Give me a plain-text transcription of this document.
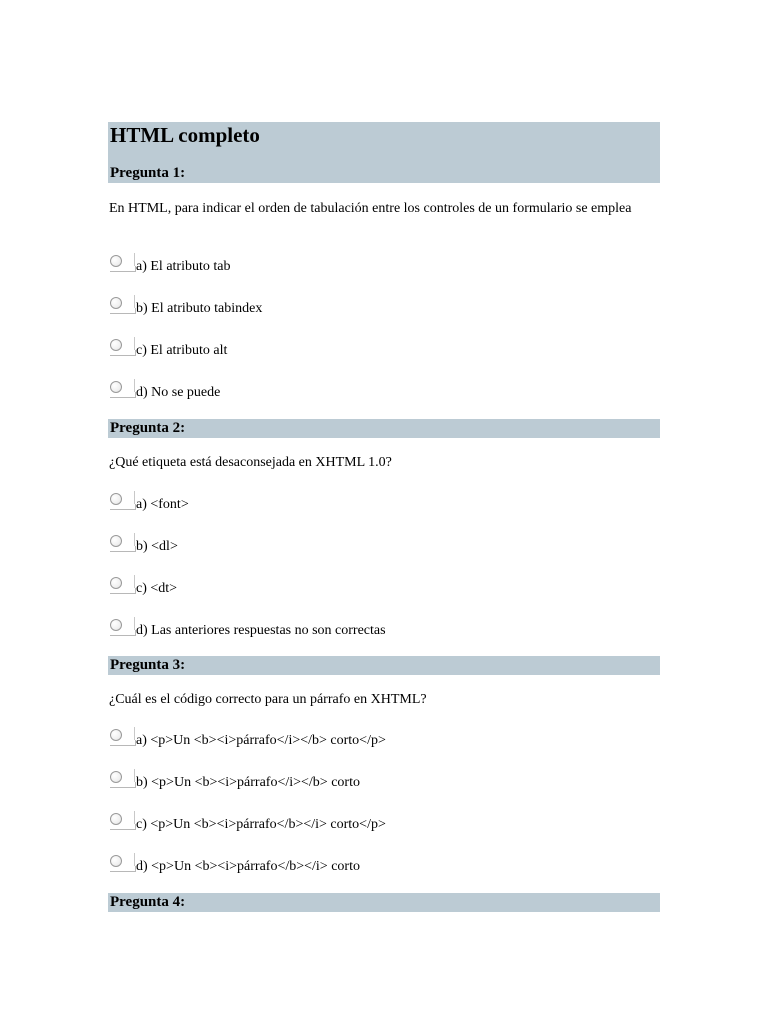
HTML completo
Pregunta 1:
En HTML, para indicar el orden de tabulación entre los controles de un formulario se emplea
a) El atributo tab
b) El atributo tabindex
c) El atributo alt
d) No se puede
Pregunta 2:
¿Qué etiqueta está desaconsejada en XHTML 1.0?
a) <font>
b) <dl>
c) <dt>
d) Las anteriores respuestas no son correctas
Pregunta 3:
¿Cuál es el código correcto para un párrafo en XHTML?
a) <p>Un <b><i>párrafo</i></b> corto</p>
b) <p>Un <b><i>párrafo</i></b> corto
c) <p>Un <b><i>párrafo</b></i> corto</p>
d) <p>Un <b><i>párrafo</b></i> corto
Pregunta 4:
